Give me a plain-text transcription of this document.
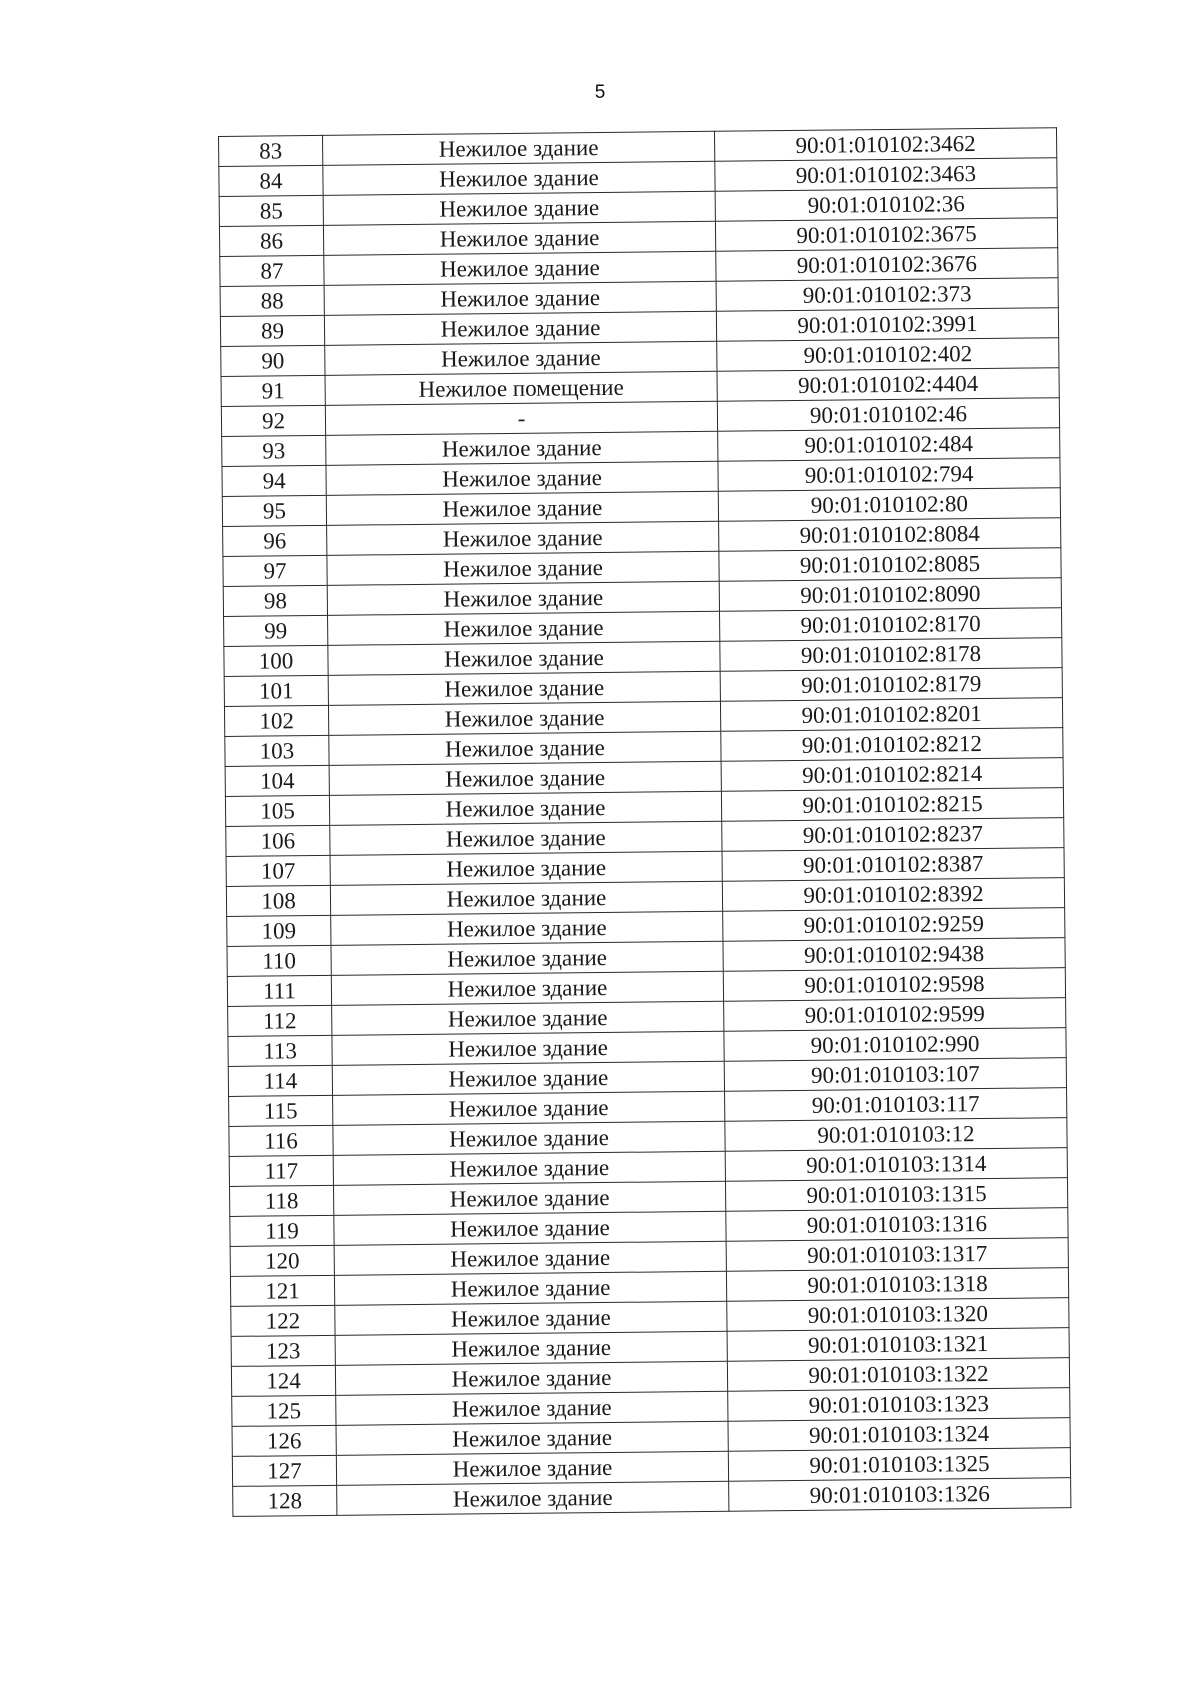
5
83	Нежилое здание	90:01:010102:3462
84	Нежилое здание	90:01:010102:3463
85	Нежилое здание	90:01:010102:36
86	Нежилое здание	90:01:010102:3675
87	Нежилое здание	90:01:010102:3676
88	Нежилое здание	90:01:010102:373
89	Нежилое здание	90:01:010102:3991
90	Нежилое здание	90:01:010102:402
91	Нежилое помещение	90:01:010102:4404
92	-	90:01:010102:46
93	Нежилое здание	90:01:010102:484
94	Нежилое здание	90:01:010102:794
95	Нежилое здание	90:01:010102:80
96	Нежилое здание	90:01:010102:8084
97	Нежилое здание	90:01:010102:8085
98	Нежилое здание	90:01:010102:8090
99	Нежилое здание	90:01:010102:8170
100	Нежилое здание	90:01:010102:8178
101	Нежилое здание	90:01:010102:8179
102	Нежилое здание	90:01:010102:8201
103	Нежилое здание	90:01:010102:8212
104	Нежилое здание	90:01:010102:8214
105	Нежилое здание	90:01:010102:8215
106	Нежилое здание	90:01:010102:8237
107	Нежилое здание	90:01:010102:8387
108	Нежилое здание	90:01:010102:8392
109	Нежилое здание	90:01:010102:9259
110	Нежилое здание	90:01:010102:9438
111	Нежилое здание	90:01:010102:9598
112	Нежилое здание	90:01:010102:9599
113	Нежилое здание	90:01:010102:990
114	Нежилое здание	90:01:010103:107
115	Нежилое здание	90:01:010103:117
116	Нежилое здание	90:01:010103:12
117	Нежилое здание	90:01:010103:1314
118	Нежилое здание	90:01:010103:1315
119	Нежилое здание	90:01:010103:1316
120	Нежилое здание	90:01:010103:1317
121	Нежилое здание	90:01:010103:1318
122	Нежилое здание	90:01:010103:1320
123	Нежилое здание	90:01:010103:1321
124	Нежилое здание	90:01:010103:1322
125	Нежилое здание	90:01:010103:1323
126	Нежилое здание	90:01:010103:1324
127	Нежилое здание	90:01:010103:1325
128	Нежилое здание	90:01:010103:1326
